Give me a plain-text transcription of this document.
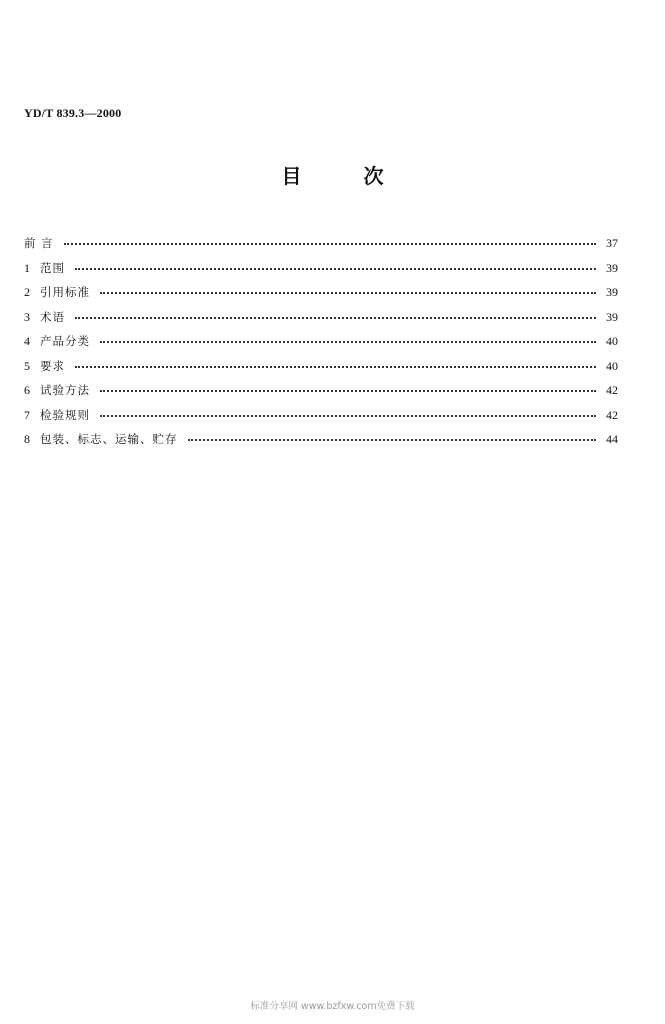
YD/T 839.3—2000
目	次
前 言	37
1 范围	39
2 引用标准	39
3 术语	39
4 产品分类	40
5 要求	40
6 试验方法	42
7 检验规则	42
8 包装、标志、运输、贮存	44
标准分享网 www.bzfxw.com免费下载
